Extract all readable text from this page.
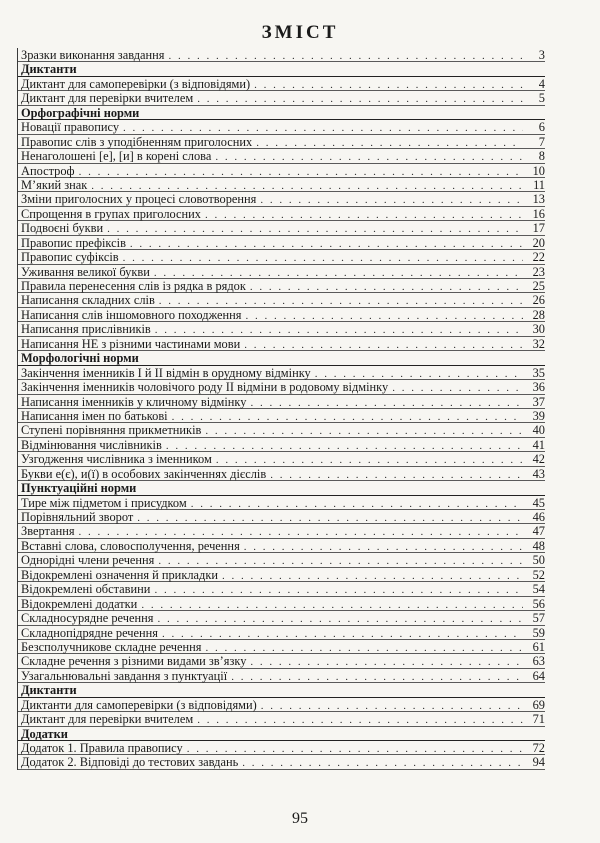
ЗМІСТ
Зразки виконання завдання . . .	3
Диктанти
Диктант для самоперевірки (з відповідями) . . .	4
Диктант для перевірки вчителем . . .	5
Орфографічні норми
Новації правопису . . .	6
Правопис слів з уподібненням приголосних . . .	7
Ненаголошені [е], [и] в корені слова . . .	8
Апостроф . . .	10
М’який знак . . .	11
Зміни приголосних у процесі словотворення . . .	13
Спрощення в групах приголосних . . .	16
Подвоєні букви . . .	17
Правопис префіксів . . .	20
Правопис суфіксів . . .	22
Уживання великої букви . . .	23
Правила перенесення слів із рядка в рядок . . .	25
Написання складних слів . . .	26
Написання слів іншомовного походження . . .	28
Написання прислівників . . .	30
Написання НЕ з різними частинами мови . . .	32
Морфологічні норми
Закінчення іменників I й II відмін в орудному відмінку . . .	35
Закінчення іменників чоловічого роду II відміни в родовому відмінку . . .	36
Написання іменників у кличному відмінку . . .	37
Написання імен по батькові . . .	39
Ступені порівняння прикметників . . .	40
Відмінювання числівників . . .	41
Узгодження числівника з іменником . . .	42
Букви е(є), и(ї) в особових закінченнях дієслів . . .	43
Пунктуаційні норми
Тире між підметом і присудком . . .	45
Порівняльний зворот . . .	46
Звертання . . .	47
Вставні слова, словосполучення, речення . . .	48
Однорідні члени речення . . .	50
Відокремлені означення й прикладки . . .	52
Відокремлені обставини . . .	54
Відокремлені додатки . . .	56
Складносурядне речення . . .	57
Складнопідрядне речення . . .	59
Безсполучникове складне речення . . .	61
Складне речення з різними видами зв’язку . . .	63
Узагальнювальні завдання з пунктуації . . .	64
Диктанти
Диктанти для самоперевірки (з відповідями) . . .	69
Диктант для перевірки вчителем . . .	71
Додатки
Додаток 1. Правила правопису . . .	72
Додаток 2. Відповіді до тестових завдань . . .	94
95
